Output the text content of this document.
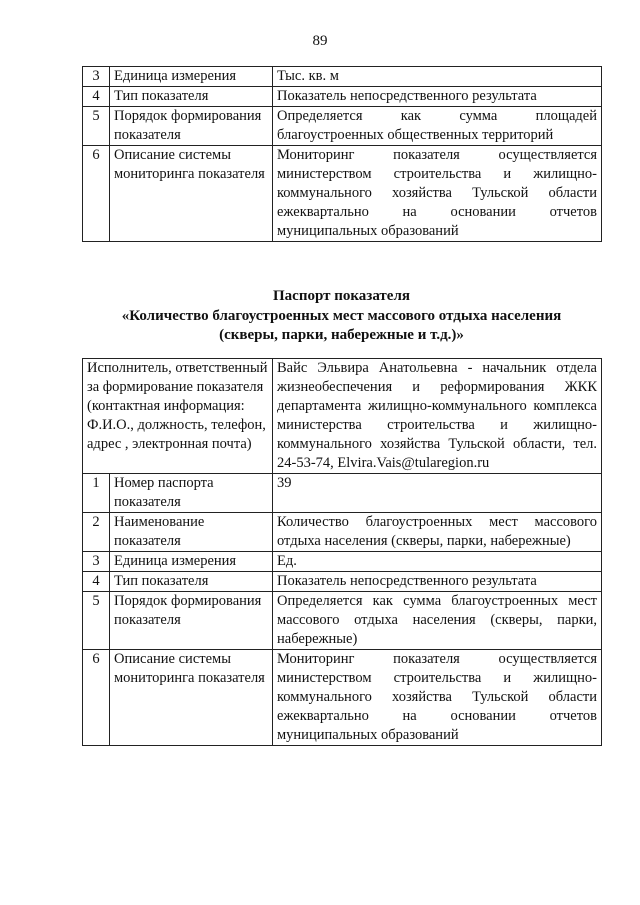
89
3	Единица измерения	Тыс. кв. м
4	Тип показателя	Показатель непосредственного результата
5	Порядок формирования показателя	Определяется как сумма площадей благоустроенных общественных территорий
6	Описание системы мониторинга показателя	Мониторинг показателя осуществляется министерством строительства и жилищно-коммунального хозяйства Тульской области ежеквартально на основании отчетов муниципальных образований
Паспорт показателя
«Количество благоустроенных мест массового отдыха населения
(скверы, парки, набережные и т.д.)»
Исполнитель, ответственный за формирование показателя (контактная информация: Ф.И.О., должность, телефон, адрес , электронная почта)		Вайс Эльвира Анатольевна - начальник отдела жизнеобеспечения и реформирования ЖКК департамента жилищно-коммунального комплекса министерства строительства и жилищно-коммунального хозяйства Тульской области, тел. 24-53-74, Elvira.Vais@tularegion.ru
1	Номер паспорта показателя	39
2	Наименование показателя	Количество благоустроенных мест массового отдыха населения (скверы, парки, набережные)
3	Единица измерения	Ед.
4	Тип показателя	Показатель непосредственного результата
5	Порядок формирования показателя	Определяется как сумма благоустроенных мест массового отдыха населения (скверы, парки, набережные)
6	Описание системы мониторинга показателя	Мониторинг показателя осуществляется министерством строительства и жилищно-коммунального хозяйства Тульской области ежеквартально на основании отчетов муниципальных образований
